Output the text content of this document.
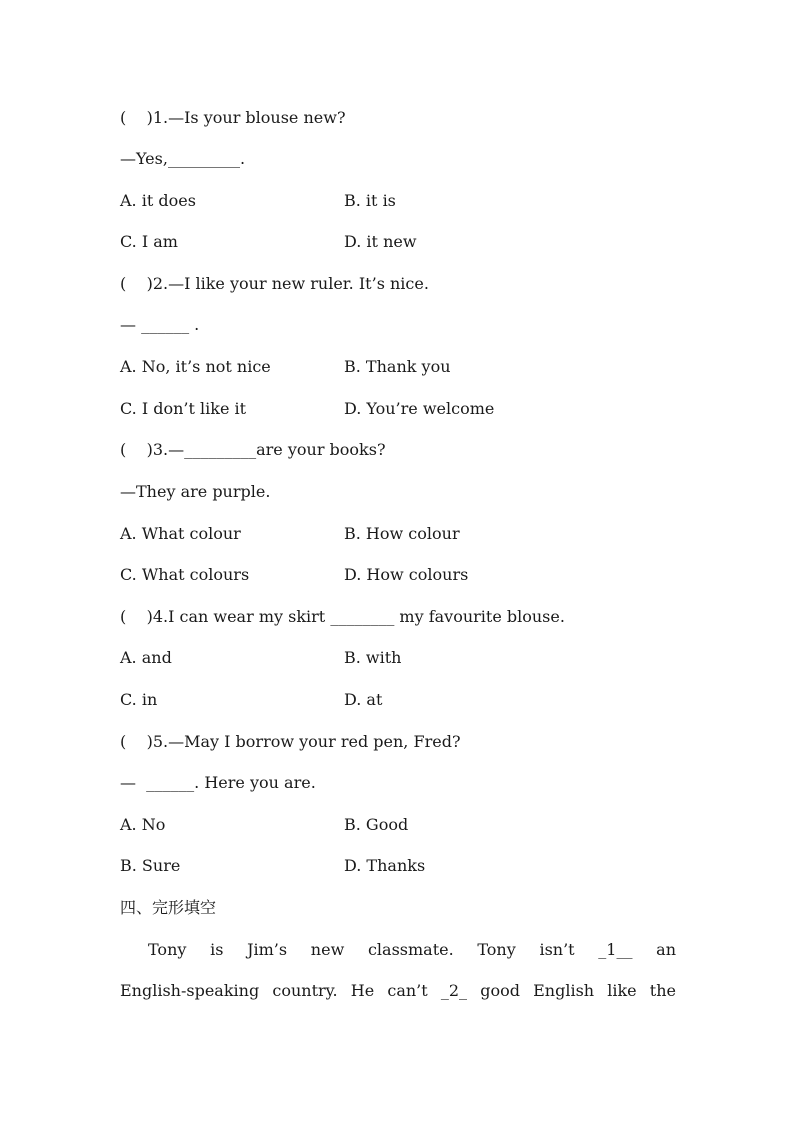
(    )1.—Is your blouse new?
—Yes,_________.
A. it does	B. it is
C. I am	D. it new
(    )2.—I like your new ruler. It’s nice.
— ______ .
A. No, it’s not nice	B. Thank you
C. I don’t like it	D. You’re welcome
(    )3.—_________are your books?
—They are purple.
A. What colour	B. How colour
C. What colours	D. How colours
(    )4.I can wear my skirt ________ my favourite blouse.
A. and	B. with
C. in	D. at
(    )5.—May I borrow your red pen, Fred?
—  ______. Here you are.
A. No	B. Good
B. Sure	D. Thanks
四、完形填空
Tony is Jim’s new classmate. Tony isn’t _1__ an
English-speaking country. He can’t _2_ good English like the
